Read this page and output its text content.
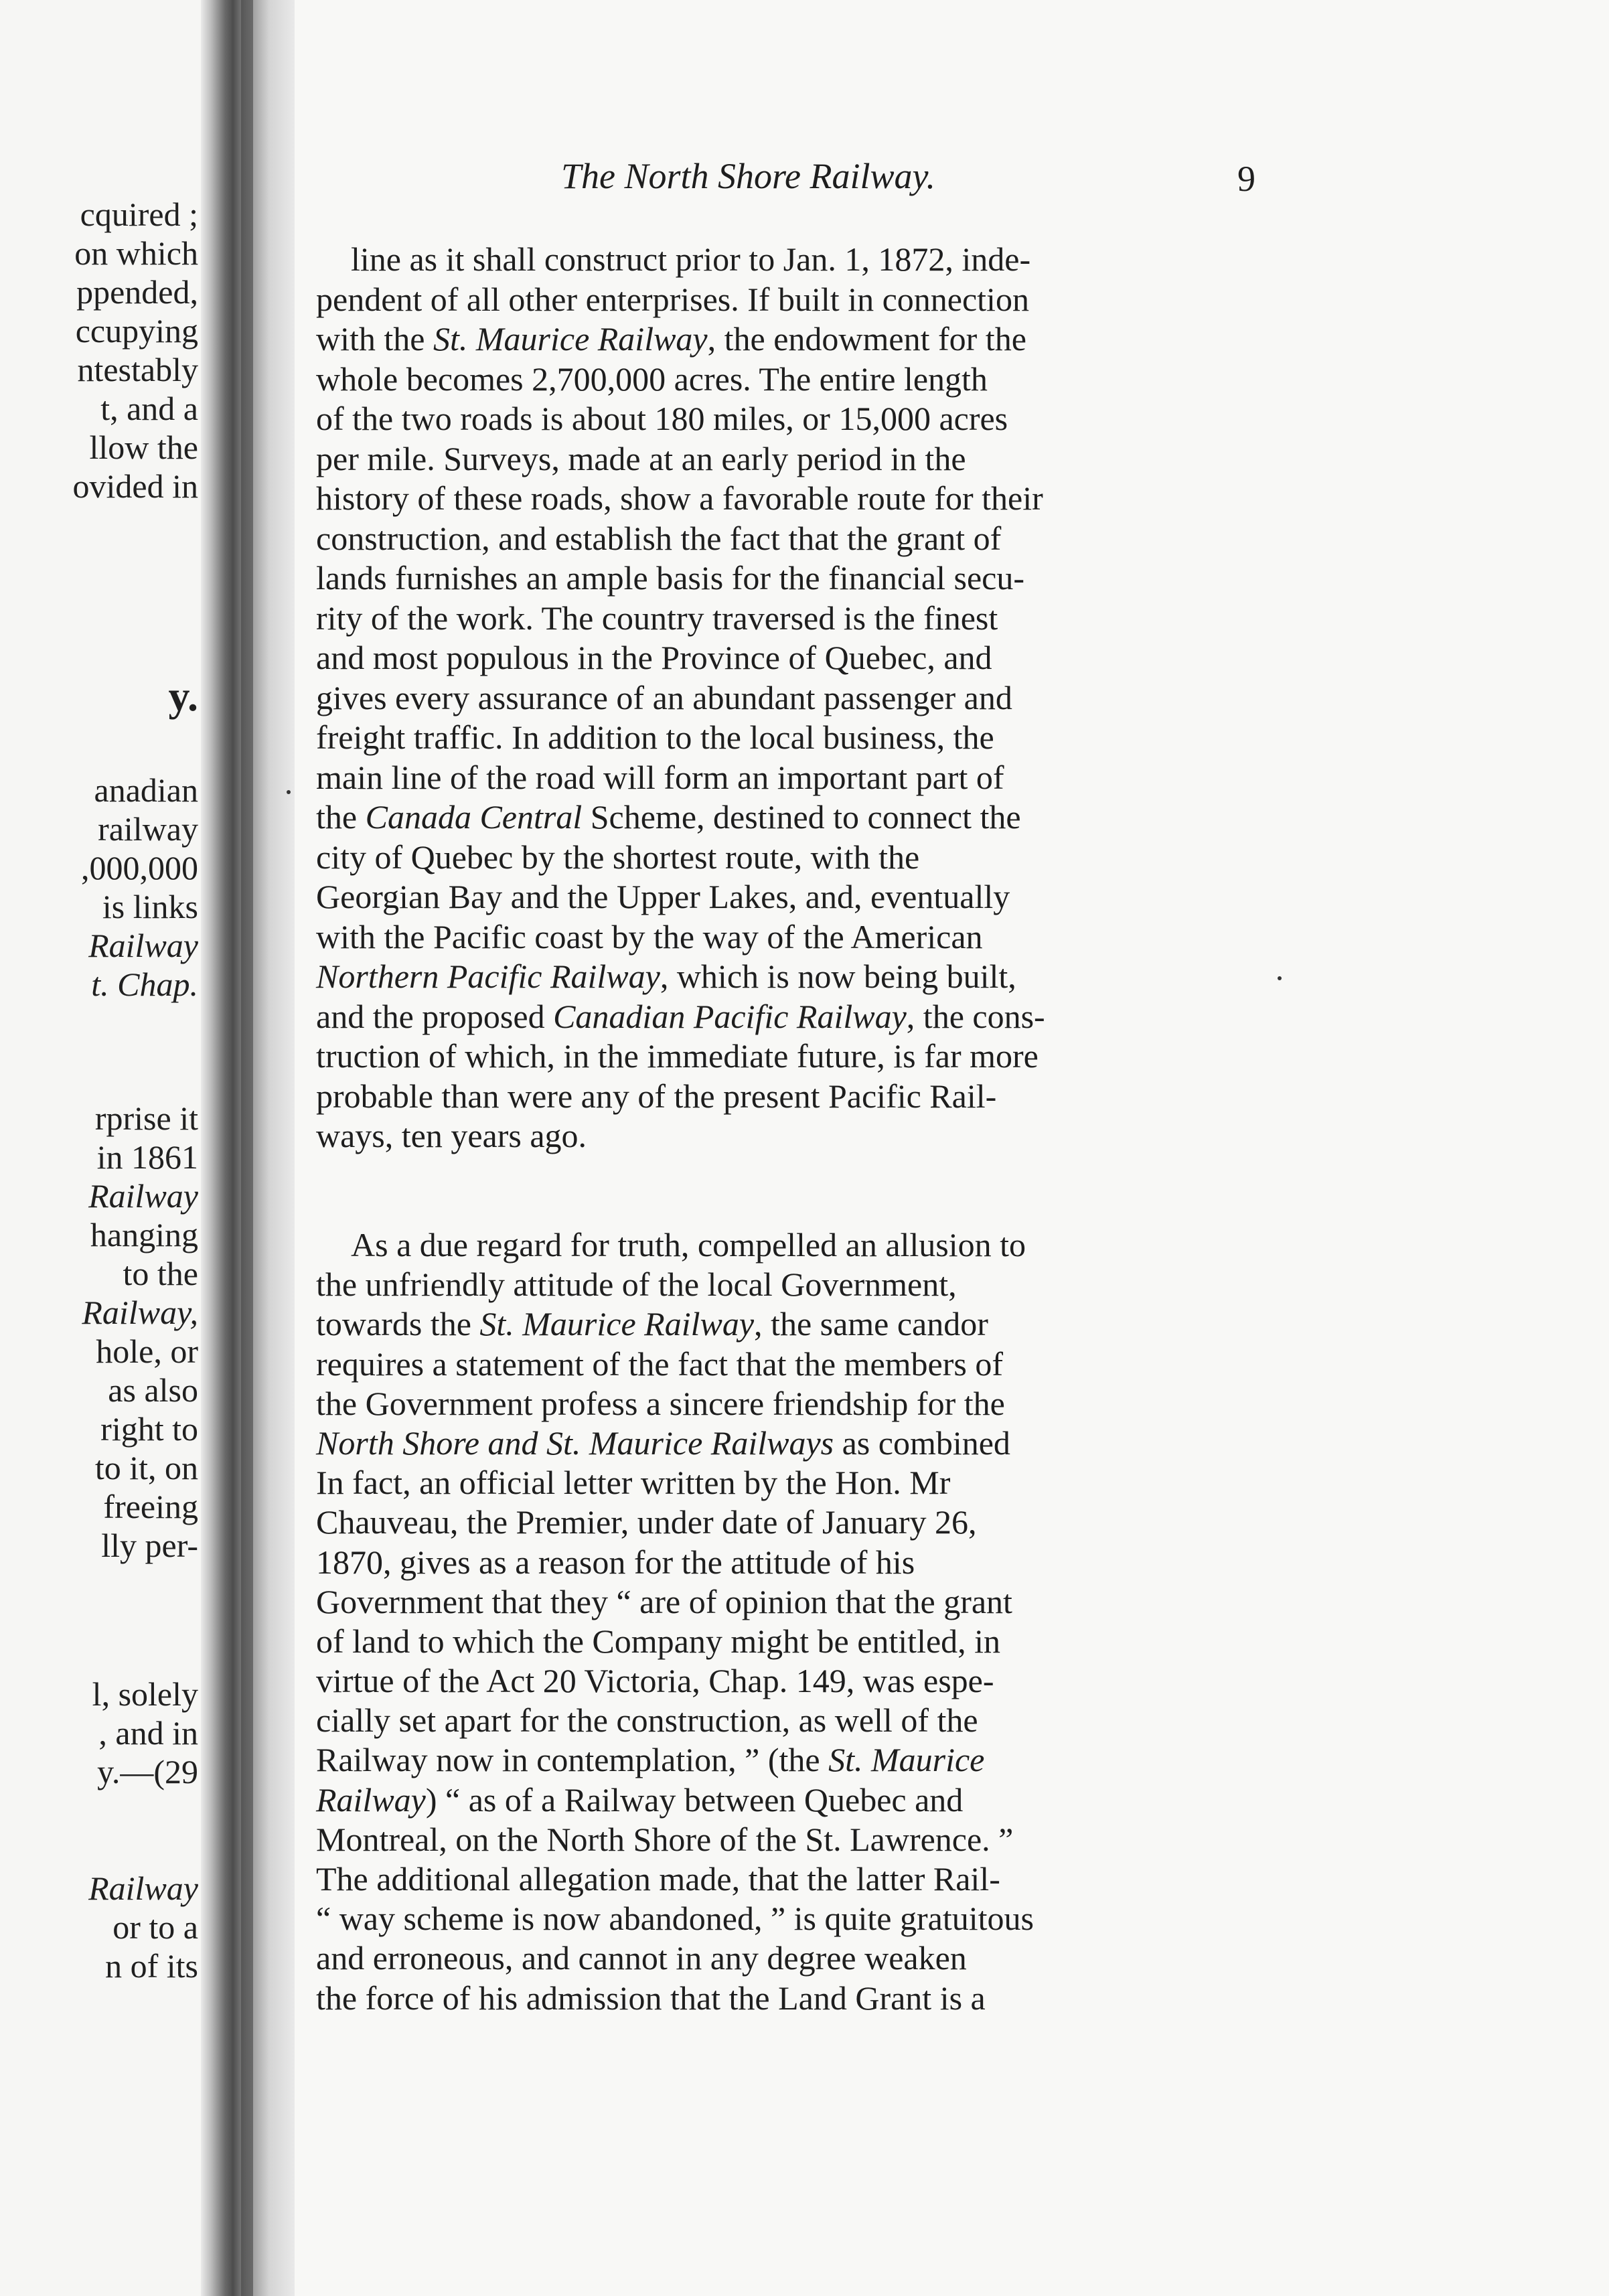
cquired ;
on which
ppended,
ccupying
ntestably
t, and a
llow the
ovided in
y.
anadian
railway
,000,000
is links
Railway
t. Chap.
rprise it
in 1861
Railway
hanging
to the
Railway,
hole, or
as also
right to
to it, on
freeing
lly per-
l, solely
, and in
y.—(29
Railway
or to a
n of its
The North Shore Railway.	9
line as it shall construct prior to Jan. 1, 1872, inde-
pendent of all other enterprises. If built in connection
with the St. Maurice Railway, the endowment for the
whole becomes 2,700,000 acres. The entire length
of the two roads is about 180 miles, or 15,000 acres
per mile. Surveys, made at an early period in the
history of these roads, show a favorable route for their
construction, and establish the fact that the grant of
lands furnishes an ample basis for the financial secu-
rity of the work. The country traversed is the finest
and most populous in the Province of Quebec, and
gives every assurance of an abundant passenger and
freight traffic. In addition to the local business, the
main line of the road will form an important part of
the Canada Central Scheme, destined to connect the
city of Quebec by the shortest route, with the
Georgian Bay and the Upper Lakes, and, eventually
with the Pacific coast by the way of the American
Northern Pacific Railway, which is now being built,
and the proposed Canadian Pacific Railway, the cons-
truction of which, in the immediate future, is far more
probable than were any of the present Pacific Rail-
ways, ten years ago.
As a due regard for truth, compelled an allusion to
the unfriendly attitude of the local Government,
towards the St. Maurice Railway, the same candor
requires a statement of the fact that the members of
the Government profess a sincere friendship for the
North Shore and St. Maurice Railways as combined
In fact, an official letter written by the Hon. Mr
Chauveau, the Premier, under date of January 26,
1870, gives as a reason for the attitude of his
Government that they “ are of opinion that the grant
of land to which the Company might be entitled, in
virtue of the Act 20 Victoria, Chap. 149, was espe-
cially set apart for the construction, as well of the
Railway now in contemplation, ” (the St. Maurice
Railway) “ as of a Railway between Quebec and
Montreal, on the North Shore of the St. Lawrence. ”
The additional allegation made, that the latter Rail-
“ way scheme is now abandoned, ” is quite gratuitous
and erroneous, and cannot in any degree weaken
the force of his admission that the Land Grant is a
